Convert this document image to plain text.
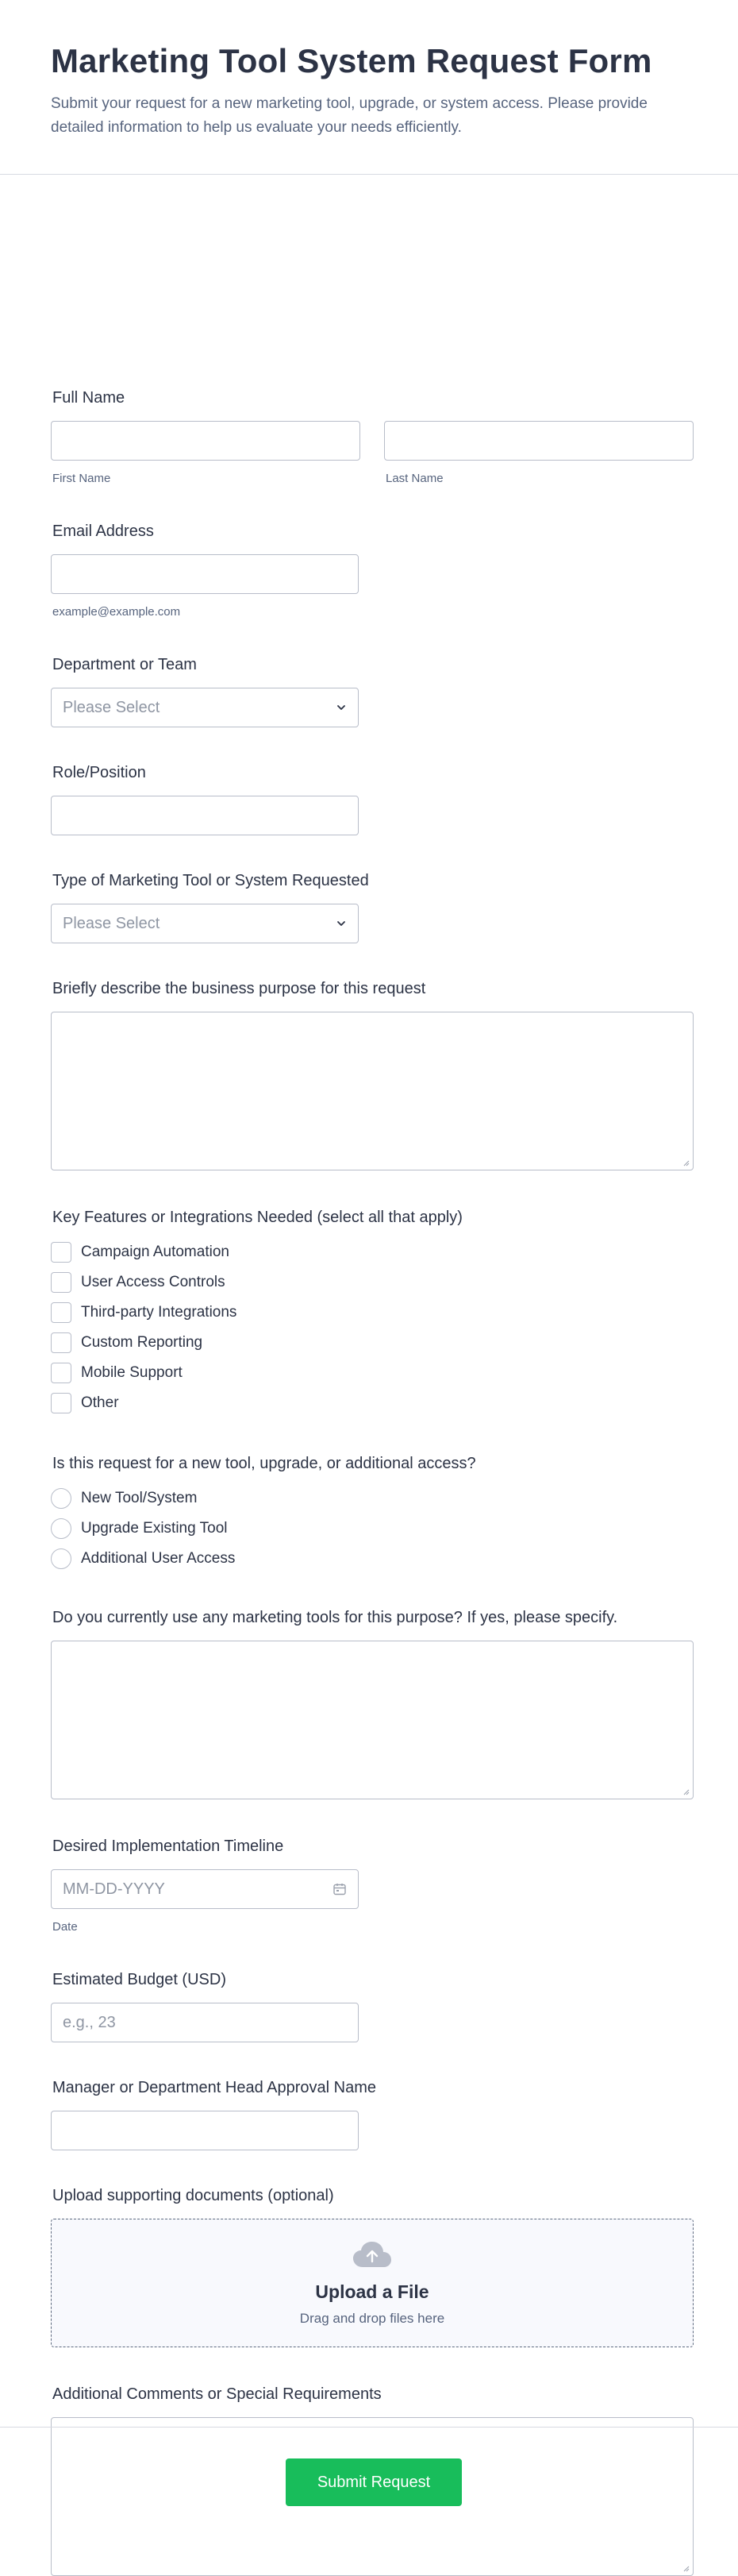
Marketing Tool System Request Form

Submit your request for a new marketing tool, upgrade, or system access. Please provide detailed information to help us evaluate your needs efficiently.

Full Name
First Name	Last Name
Email Address
example@example.com
Department or Team
Please Select
Role/Position
Type of Marketing Tool or System Requested
Please Select
Briefly describe the business purpose for this request
Key Features or Integrations Needed (select all that apply)
Campaign Automation
User Access Controls
Third-party Integrations
Custom Reporting
Mobile Support
Other
Is this request for a new tool, upgrade, or additional access?
New Tool/System
Upgrade Existing Tool
Additional User Access
Do you currently use any marketing tools for this purpose? If yes, please specify.
Desired Implementation Timeline
MM-DD-YYYY
Date
Estimated Budget (USD)
e.g., 23
Manager or Department Head Approval Name
Upload supporting documents (optional)
Upload a File
Drag and drop files here
Additional Comments or Special Requirements
Submit Request
